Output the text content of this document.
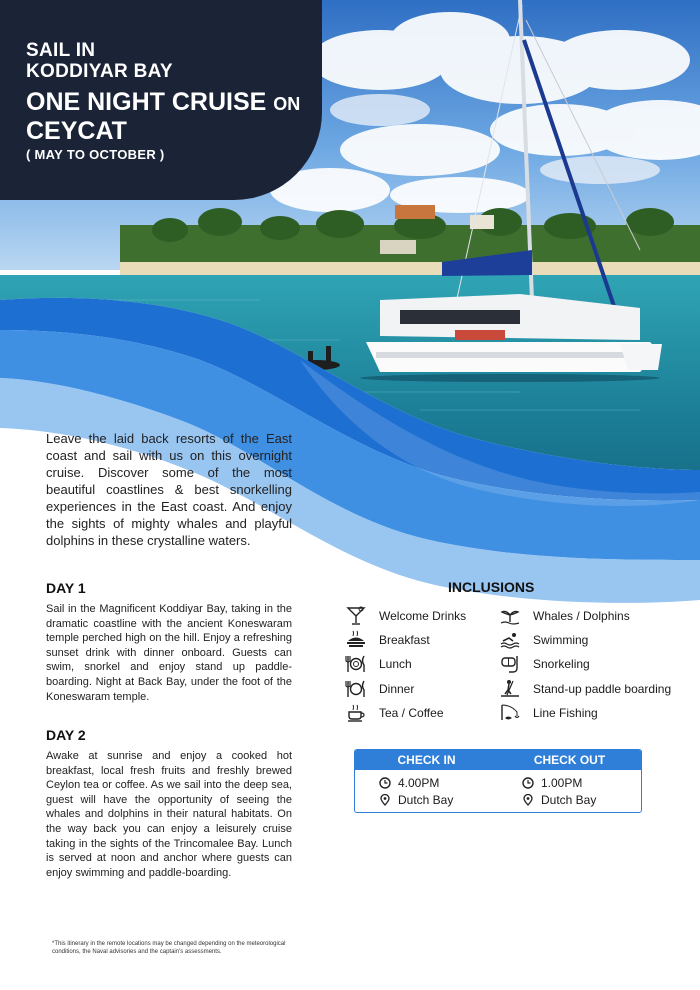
SAIL IN
KODDIYAR BAY
ONE NIGHT CRUISE ON
CEYCAT
( MAY TO OCTOBER )

Leave the laid back resorts of the East coast and sail with us on this overnight cruise. Discover some of the most beautiful coastlines & best snorkelling experiences in the East coast. And enjoy the sights of mighty whales and playful dolphins in these crystalline waters.

DAY 1

Sail in the Magnificent Koddiyar Bay, taking in the dramatic coastline with the ancient Koneswaram temple perched high on the hill. Enjoy a refreshing sunset drink with dinner onboard. Guests can swim, snorkel and enjoy stand up paddle-boarding. Night at Back Bay, under the foot of the Koneswaram temple.

DAY 2

Awake at sunrise and enjoy a cooked hot breakfast, local fresh fruits and freshly brewed Ceylon tea or coffee. As we sail into the deep sea, guest will have the opportunity of seeing the whales and dolphins in their natural habitats. On the way back you can enjoy a leisurely cruise taking in the sights of the Trincomalee Bay. Lunch is served at noon and anchor where guests can enjoy swimming and paddle-boarding.

INCLUSIONS
Welcome Drinks
Breakfast
Lunch
Dinner
Tea / Coffee
Whales / Dolphins
Swimming
Snorkeling
Stand-up paddle boarding
Line Fishing
CHECK IN	CHECK OUT
4.00PM
Dutch Bay
1.00PM
Dutch Bay

*This itinerary in the remote locations may be changed depending on the meteorological conditions, the Naval advisories and the captain's assessments.
